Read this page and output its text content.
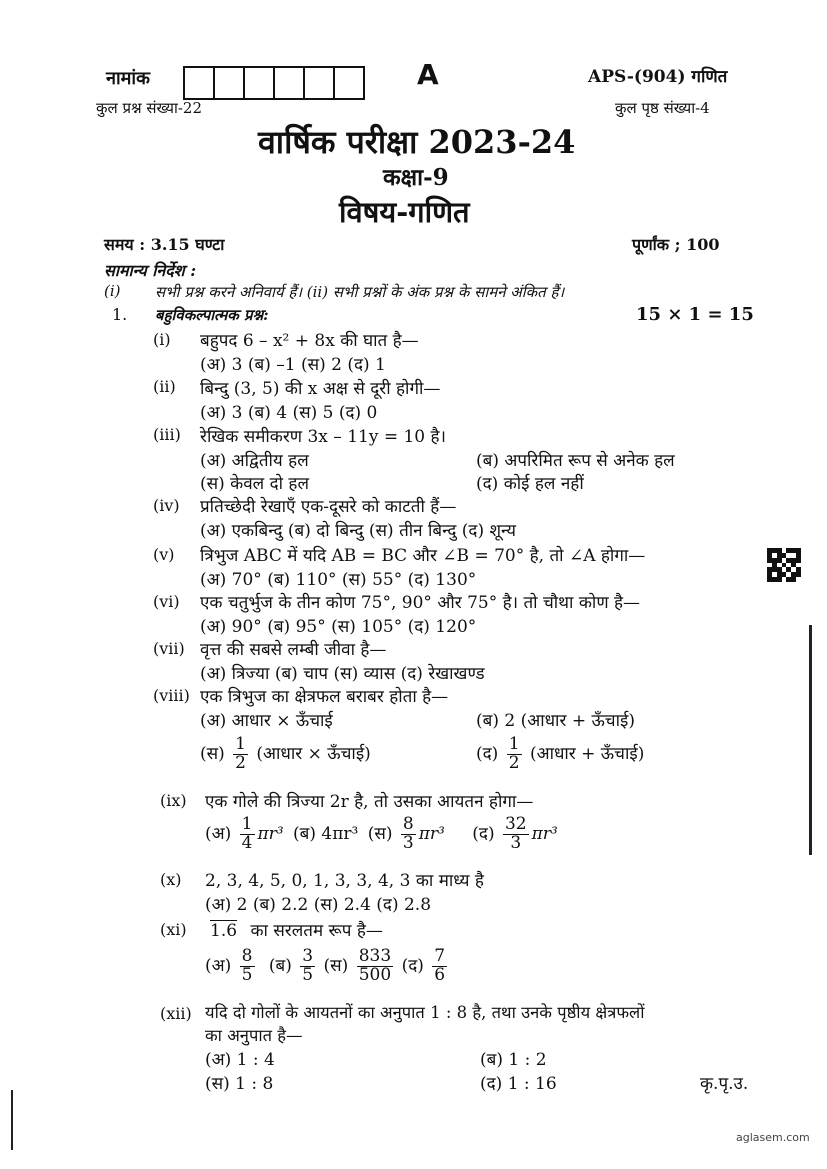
नामांक	A	APS-(904) गणित
कुल प्रश्न संख्या-22	कुल पृष्ठ संख्या-4
वार्षिक परीक्षा 2023-24
कक्षा-9
विषय-गणित
समय : 3.15 घण्टा	पूर्णांक ; 100
सामान्य निर्देश :
(i) सभी प्रश्न करने अनिवार्य हैं। (ii) सभी प्रश्नों के अंक प्रश्न के सामने अंकित हैं।
1. बहुविकल्पात्मक प्रश्न:	15 × 1 = 15
(i) बहुपद 6 – x² + 8x की घात है—
(अ) 3 (ब) –1 (स) 2 (द) 1
(ii) बिन्दु (3, 5) की x अक्ष से दूरी होगी—
(अ) 3 (ब) 4 (स) 5 (द) 0
(iii) रेखिक समीकरण 3x – 11y = 10 है।
(अ) अद्वितीय हल	(ब) अपरिमित रूप से अनेक हल
(स) केवल दो हल	(द) कोई हल नहीं
(iv) प्रतिच्छेदी रेखाएँ एक-दूसरे को काटती हैं—
(अ) एकबिन्दु (ब) दो बिन्दु (स) तीन बिन्दु (द) शून्य
(v) त्रिभुज ABC में यदि AB = BC और ∠B = 70° है, तो ∠A होगा—
(अ) 70° (ब) 110° (स) 55° (द) 130°
(vi) एक चतुर्भुज के तीन कोण 75°, 90° और 75° है। तो चौथा कोण है—
(अ) 90° (ब) 95° (स) 105° (द) 120°
(vii) वृत्त की सबसे लम्बी जीवा है—
(अ) त्रिज्या (ब) चाप (स) व्यास (द) रेखाखण्ड
(viii) एक त्रिभुज का क्षेत्रफल बराबर होता है—
(अ) आधार × ऊँचाई	(ब) 2 (आधार + ऊँचाई)
(स) $\frac{1}{2}$ (आधार × ऊँचाई)	(द) $\frac{1}{2}$ (आधार + ऊँचाई)
(ix) एक गोले की त्रिज्या 2r है, तो उसका आयतन होगा—
(अ) $\frac{1}{4} \pi r^3$ (ब) 4πr³ (स) $\frac{8}{3} \pi r^3$ (द) $\frac{32}{3} \pi r^3$
(x) 2, 3, 4, 5, 0, 1, 3, 3, 4, 3 का माध्य है
(अ) 2 (ब) 2.2 (स) 2.4 (द) 2.8
(xi) 1.6 का सरलतम रूप है—
(अ) $\frac{8}{5}$ (ब) $\frac{3}{5}$ (स) $\frac{833}{500}$ (द) $\frac{7}{6}$
(xii) यदि दो गोलों के आयतनों का अनुपात 1 : 8 है, तथा उनके पृष्ठीय क्षेत्रफलों
का अनुपात है—
(अ) 1 : 4	(ब) 1 : 2
(स) 1 : 8	(द) 1 : 16	कृ.पृ.उ.
aglasem.com
